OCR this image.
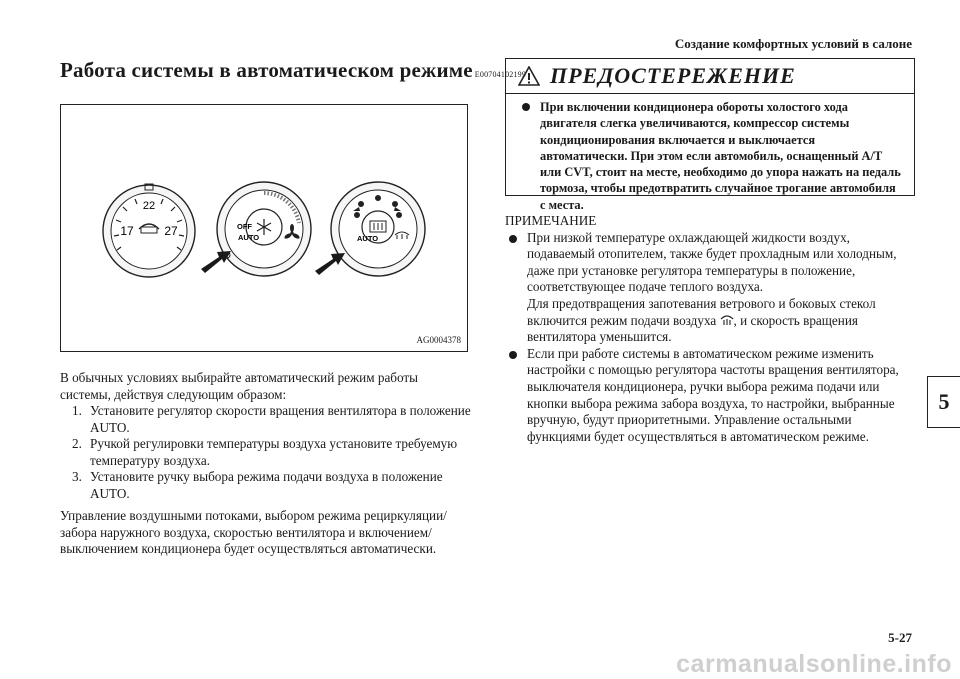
Создание комфортных условий в салоне
Работа системы в автоматическом режиме E00704102199
22
17	27	OFF
AUTO	AUTO
AG0004378
В обычных условиях выбирайте автоматический режим работы системы, действуя следующим образом:
1. Установите регулятор скорости вращения вентилятора в положение AUTO.
2. Ручкой регулировки температуры воздуха установите требуемую температуру воздуха.
3. Установите ручку выбора режима подачи воздуха в положение AUTO.
Управление воздушными потоками, выбором режима рециркуляции/забора наружного воздуха, скоростью вентилятора и включением/выключением кондиционера будет осуществляться автоматически.
ПРЕДОСТЕРЕЖЕНИЕ
При включении кондиционера обороты холостого хода двигателя слегка увеличиваются, компрессор системы кондиционирования включается и выключается автоматически. При этом если автомобиль, оснащенный A/T или CVT, стоит на месте, необходимо до упора нажать на педаль тормоза, чтобы предотвратить случайное трогание автомобиля с места.
ПРИМЕЧАНИЕ
При низкой температуре охлаждающей жидкости воздух, подаваемый отопителем, также будет прохладным или холодным, даже при установке регулятора температуры в положение, соответствующее подаче теплого воздуха.
Для предотвращения запотевания ветрового и боковых стекол включится режим подачи воздуха , и скорость вращения вентилятора уменьшится.
Если при работе системы в автоматическом режиме изменить настройки с помощью регулятора частоты вращения вентилятора, выключателя кондиционера, ручки выбора режима подачи или кнопки выбора режима забора воздуха, то настройки, выбранные вручную, будут приоритетными. Управление остальными функциями будет осуществляться в автоматическом режиме.
5
5-27
carmanualsonline.info
